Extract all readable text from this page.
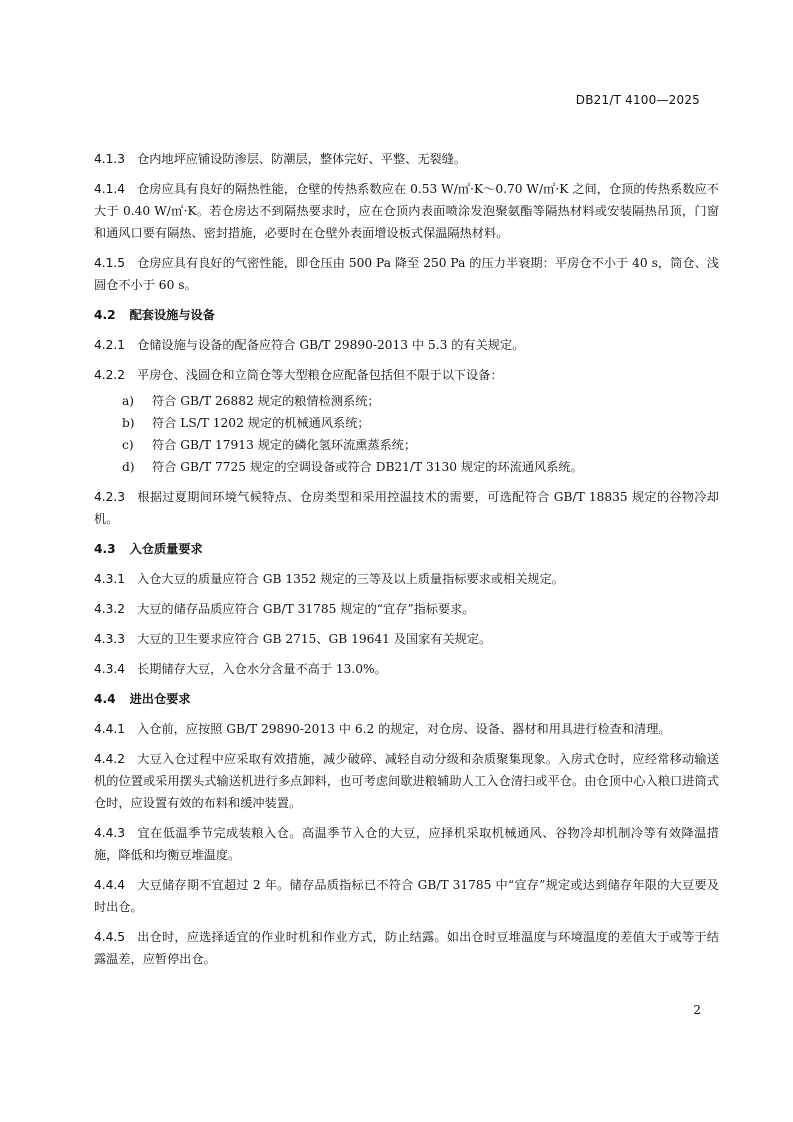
DB21/T 4100—2025

4.1.3 仓内地坪应铺设防渗层、防潮层，整体完好、平整、无裂缝。

4.1.4 仓房应具有良好的隔热性能，仓壁的传热系数应在 0.53 W/㎡·K～0.70 W/㎡·K 之间，仓顶的传热系数应不大于 0.40 W/㎡·K。若仓房达不到隔热要求时，应在仓顶内表面喷涂发泡聚氨酯等隔热材料或安装隔热吊顶，门窗和通风口要有隔热、密封措施，必要时在仓壁外表面增设板式保温隔热材料。

4.1.5 仓房应具有良好的气密性能，即仓压由 500 Pa 降至 250 Pa 的压力半衰期：平房仓不小于 40 s，筒仓、浅圆仓不小于 60 s。

4.2 配套设施与设备

4.2.1 仓储设施与设备的配备应符合 GB/T 29890-2013 中 5.3 的有关规定。

4.2.2 平房仓、浅圆仓和立筒仓等大型粮仓应配备包括但不限于以下设备：

a) 符合 GB/T 26882 规定的粮情检测系统；
b) 符合 LS/T 1202 规定的机械通风系统；
c) 符合 GB/T 17913 规定的磷化氢环流熏蒸系统；
d) 符合 GB/T 7725 规定的空调设备或符合 DB21/T 3130 规定的环流通风系统。

4.2.3 根据过夏期间环境气候特点、仓房类型和采用控温技术的需要，可选配符合 GB/T 18835 规定的谷物冷却机。

4.3 入仓质量要求

4.3.1 入仓大豆的质量应符合 GB 1352 规定的三等及以上质量指标要求或相关规定。

4.3.2 大豆的储存品质应符合 GB/T 31785 规定的“宜存”指标要求。

4.3.3 大豆的卫生要求应符合 GB 2715、GB 19641 及国家有关规定。

4.3.4 长期储存大豆，入仓水分含量不高于 13.0%。

4.4 进出仓要求

4.4.1 入仓前，应按照 GB/T 29890-2013 中 6.2 的规定，对仓房、设备、器材和用具进行检查和清理。

4.4.2 大豆入仓过程中应采取有效措施，减少破碎、减轻自动分级和杂质聚集现象。入房式仓时，应经常移动输送机的位置或采用摆头式输送机进行多点卸料，也可考虑间歇进粮辅助人工入仓清扫或平仓。由仓顶中心入粮口进筒式仓时，应设置有效的布料和缓冲装置。

4.4.3 宜在低温季节完成装粮入仓。高温季节入仓的大豆，应择机采取机械通风、谷物冷却机制冷等有效降温措施，降低和均衡豆堆温度。

4.4.4 大豆储存期不宜超过 2 年。储存品质指标已不符合 GB/T 31785 中“宜存”规定或达到储存年限的大豆要及时出仓。

4.4.5 出仓时，应选择适宜的作业时机和作业方式，防止结露。如出仓时豆堆温度与环境温度的差值大于或等于结露温差，应暂停出仓。

2
